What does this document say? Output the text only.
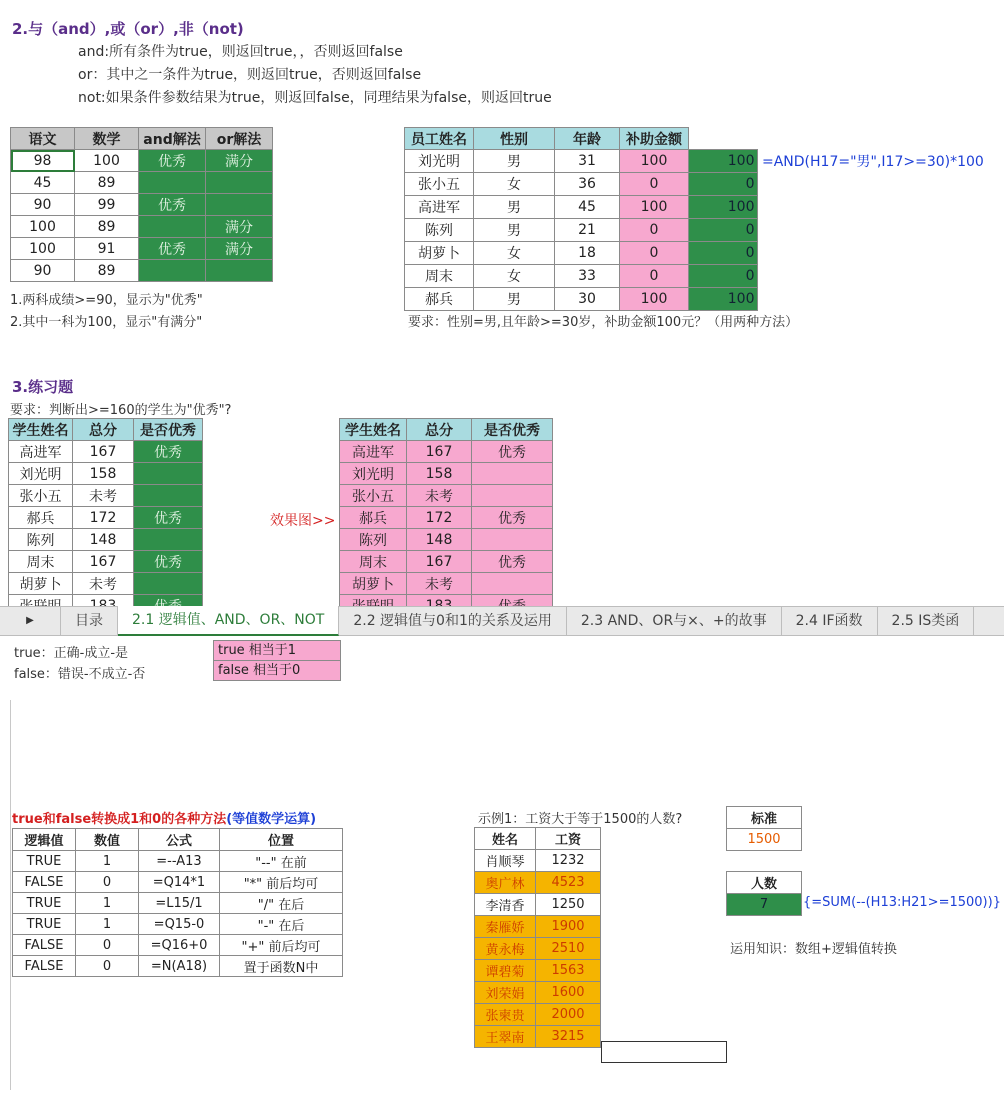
2.与（and）,或（or）,非（not)
and:所有条件为true，则返回true，，否则返回false
or：其中之一条件为true，则返回true，否则返回false
not:如果条件参数结果为true，则返回false，同理结果为false，则返回true
语文	数学	and解法	or解法
98	100	优秀	满分
45	89		
90	99	优秀	
100	89		满分
100	91	优秀	满分
90	89		
1.两科成绩>=90，显示为"优秀"
2.其中一科为100，显示"有满分"
员工姓名	性别	年龄	补助金额	
刘光明	男	31	100	100
张小五	女	36	0	0
高进军	男	45	100	100
陈列	男	21	0	0
胡萝卜	女	18	0	0
周末	女	33	0	0
郝兵	男	30	100	100
=AND(H17="男",I17>=30)*100
要求：性别=男,且年龄>=30岁，补助金额100元？（用两种方法）
3.练习题
要求：判断出>=160的学生为"优秀"?
学生姓名	总分	是否优秀
高进军	167	优秀
刘光明	158	
张小五	未考	
郝兵	172	优秀
陈列	148	
周末	167	优秀
胡萝卜	未考	

效果图>>
学生姓名	总分	是否优秀
高进军	167	优秀
刘光明	158	
张小五	未考	
郝兵	172	优秀
陈列	148	
周末	167	优秀
胡萝卜	未考	

▶	目录	2.1 逻辑值、AND、OR、NOT	2.2 逻辑值与0和1的关系及运用	2.3 AND、OR与×、+的故事	2.4 IF函数	2.5 IS类函
true：正确-成立-是
false：错误-不成立-否
true 相当于1
false 相当于0
true和false转换成1和0的各种方法(等值数学运算)
逻辑值	数值	公式	位置
TRUE	1	=--A13	"--" 在前
FALSE	0	=Q14*1	"*" 前后均可
TRUE	1	=L15/1	"/" 在后
TRUE	1	=Q15-0	"-" 在后
FALSE	0	=Q16+0	"+" 前后均可
FALSE	0	=N(A18)	置于函数N中
示例1：工资大于等于1500的人数?
姓名	工资
肖顺琴	1232
奥广林	4523
李清香	1250
秦雁娇	1900
黄永梅	2510
谭碧菊	1563
刘荣娟	1600
张柬贵	2000
王翠南	3215
标准
1500
人数
7	{=SUM(--(H13:H21>=1500))}
运用知识：数组+逻辑值转换
